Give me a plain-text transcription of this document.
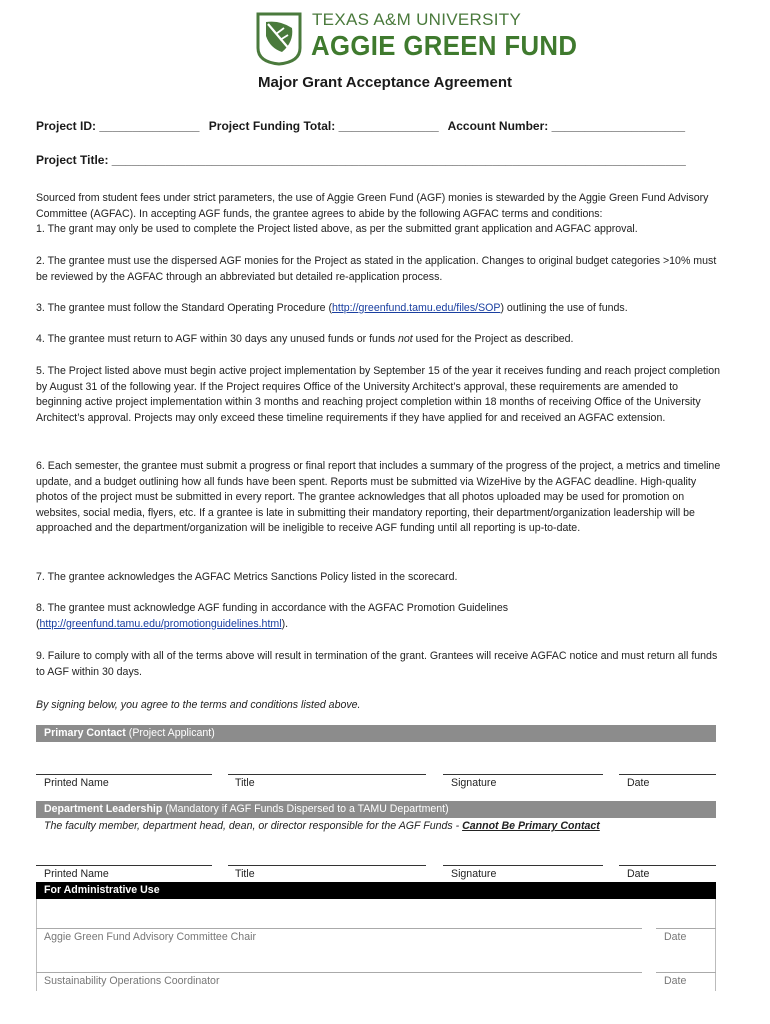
TEXAS A&M UNIVERSITY
AGGIE GREEN FUND
Major Grant Acceptance Agreement
Project ID: _______________ Project Funding Total: _______________ Account Number: ____________________
Project Title: ______________________________________________________________________________________
Sourced from student fees under strict parameters, the use of Aggie Green Fund (AGF) monies is stewarded by the Aggie Green Fund Advisory Committee (AGFAC). In accepting AGF funds, the grantee agrees to abide by the following AGFAC terms and conditions:
1. The grant may only be used to complete the Project listed above, as per the submitted grant application and AGFAC approval.
2. The grantee must use the dispersed AGF monies for the Project as stated in the application. Changes to original budget categories >10% must be reviewed by the AGFAC through an abbreviated but detailed re-application process.
3. The grantee must follow the Standard Operating Procedure (http://greenfund.tamu.edu/files/SOP) outlining the use of funds.
4. The grantee must return to AGF within 30 days any unused funds or funds not used for the Project as described.
5. The Project listed above must begin active project implementation by September 15 of the year it receives funding and reach project completion by August 31 of the following year. If the Project requires Office of the University Architect’s approval, these requirements are amended to beginning active project implementation within 3 months and reaching project completion within 18 months of receiving Office of the University Architect’s approval. Projects may only exceed these timeline requirements if they have applied for and received an AGFAC extension.
6. Each semester, the grantee must submit a progress or final report that includes a summary of the progress of the project, a metrics and timeline update, and a budget outlining how all funds have been spent. Reports must be submitted via WizeHive by the AGFAC deadline. High-quality photos of the project must be submitted in every report. The grantee acknowledges that all photos uploaded may be used for promotion on websites, social media, flyers, etc. If a grantee is late in submitting their mandatory reporting, their department/organization leadership will be approached and the department/organization will be ineligible to receive AGF funding until all reporting is up-to-date.
7. The grantee acknowledges the AGFAC Metrics Sanctions Policy listed in the scorecard.
8. The grantee must acknowledge AGF funding in accordance with the AGFAC Promotion Guidelines (http://greenfund.tamu.edu/promotionguidelines.html).
9. Failure to comply with all of the terms above will result in termination of the grant. Grantees will receive AGFAC notice and must return all funds to AGF within 30 days.
By signing below, you agree to the terms and conditions listed above.
Primary Contact (Project Applicant)
Printed Name	Title	Signature	Date
Department Leadership (Mandatory if AGF Funds Dispersed to a TAMU Department)
The faculty member, department head, dean, or director responsible for the AGF Funds - Cannot Be Primary Contact
Printed Name	Title	Signature	Date
For Administrative Use
Aggie Green Fund Advisory Committee Chair	Date
Sustainability Operations Coordinator	Date
